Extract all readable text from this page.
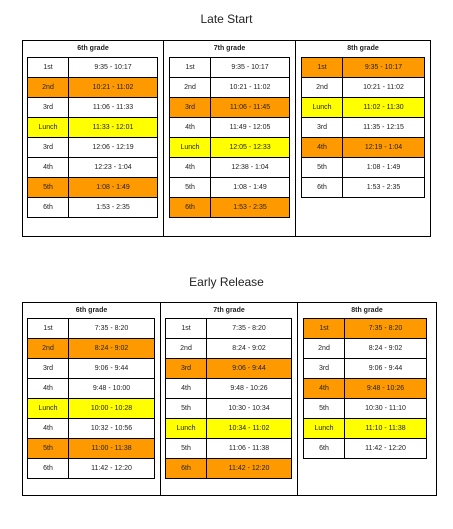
Late Start
6th grade
1st	9:35 - 10:17
2nd	10:21 - 11:02
3rd	11:06 - 11:33
Lunch	11:33 - 12:01
3rd	12:06 - 12:19
4th	12:23 - 1:04
5th	1:08 - 1:49
6th	1:53 - 2:35
7th grade
1st	9:35 - 10:17
2nd	10:21 - 11:02
3rd	11:06 - 11:45
4th	11:49 - 12:05
Lunch	12:05 - 12:33
4th	12:38 - 1:04
5th	1:08 - 1:49
6th	1:53 - 2:35
8th grade
1st	9:35 - 10:17
2nd	10:21 - 11:02
Lunch	11:02 - 11:30
3rd	11:35 - 12:15
4th	12:19 - 1:04
5th	1:08 - 1:49
6th	1:53 - 2:35
Early Release
6th grade
1st	7:35 - 8:20
2nd	8:24 - 9:02
3rd	9:06 - 9:44
4th	9:48 - 10:00
Lunch	10:00 - 10:28
4th	10:32 - 10:56
5th	11:00 - 11:38
6th	11:42 - 12:20
7th grade
1st	7:35 - 8:20
2nd	8:24 - 9:02
3rd	9:06 - 9:44
4th	9:48 - 10:26
5th	10:30 - 10:34
Lunch	10:34 - 11:02
5th	11:06 - 11:38
6th	11:42 - 12:20
8th grade
1st	7:35 - 8:20
2nd	8:24 - 9:02
3rd	9:06 - 9:44
4th	9:48 - 10:26
5th	10:30 - 11:10
Lunch	11:10 - 11:38
6th	11:42 - 12:20
